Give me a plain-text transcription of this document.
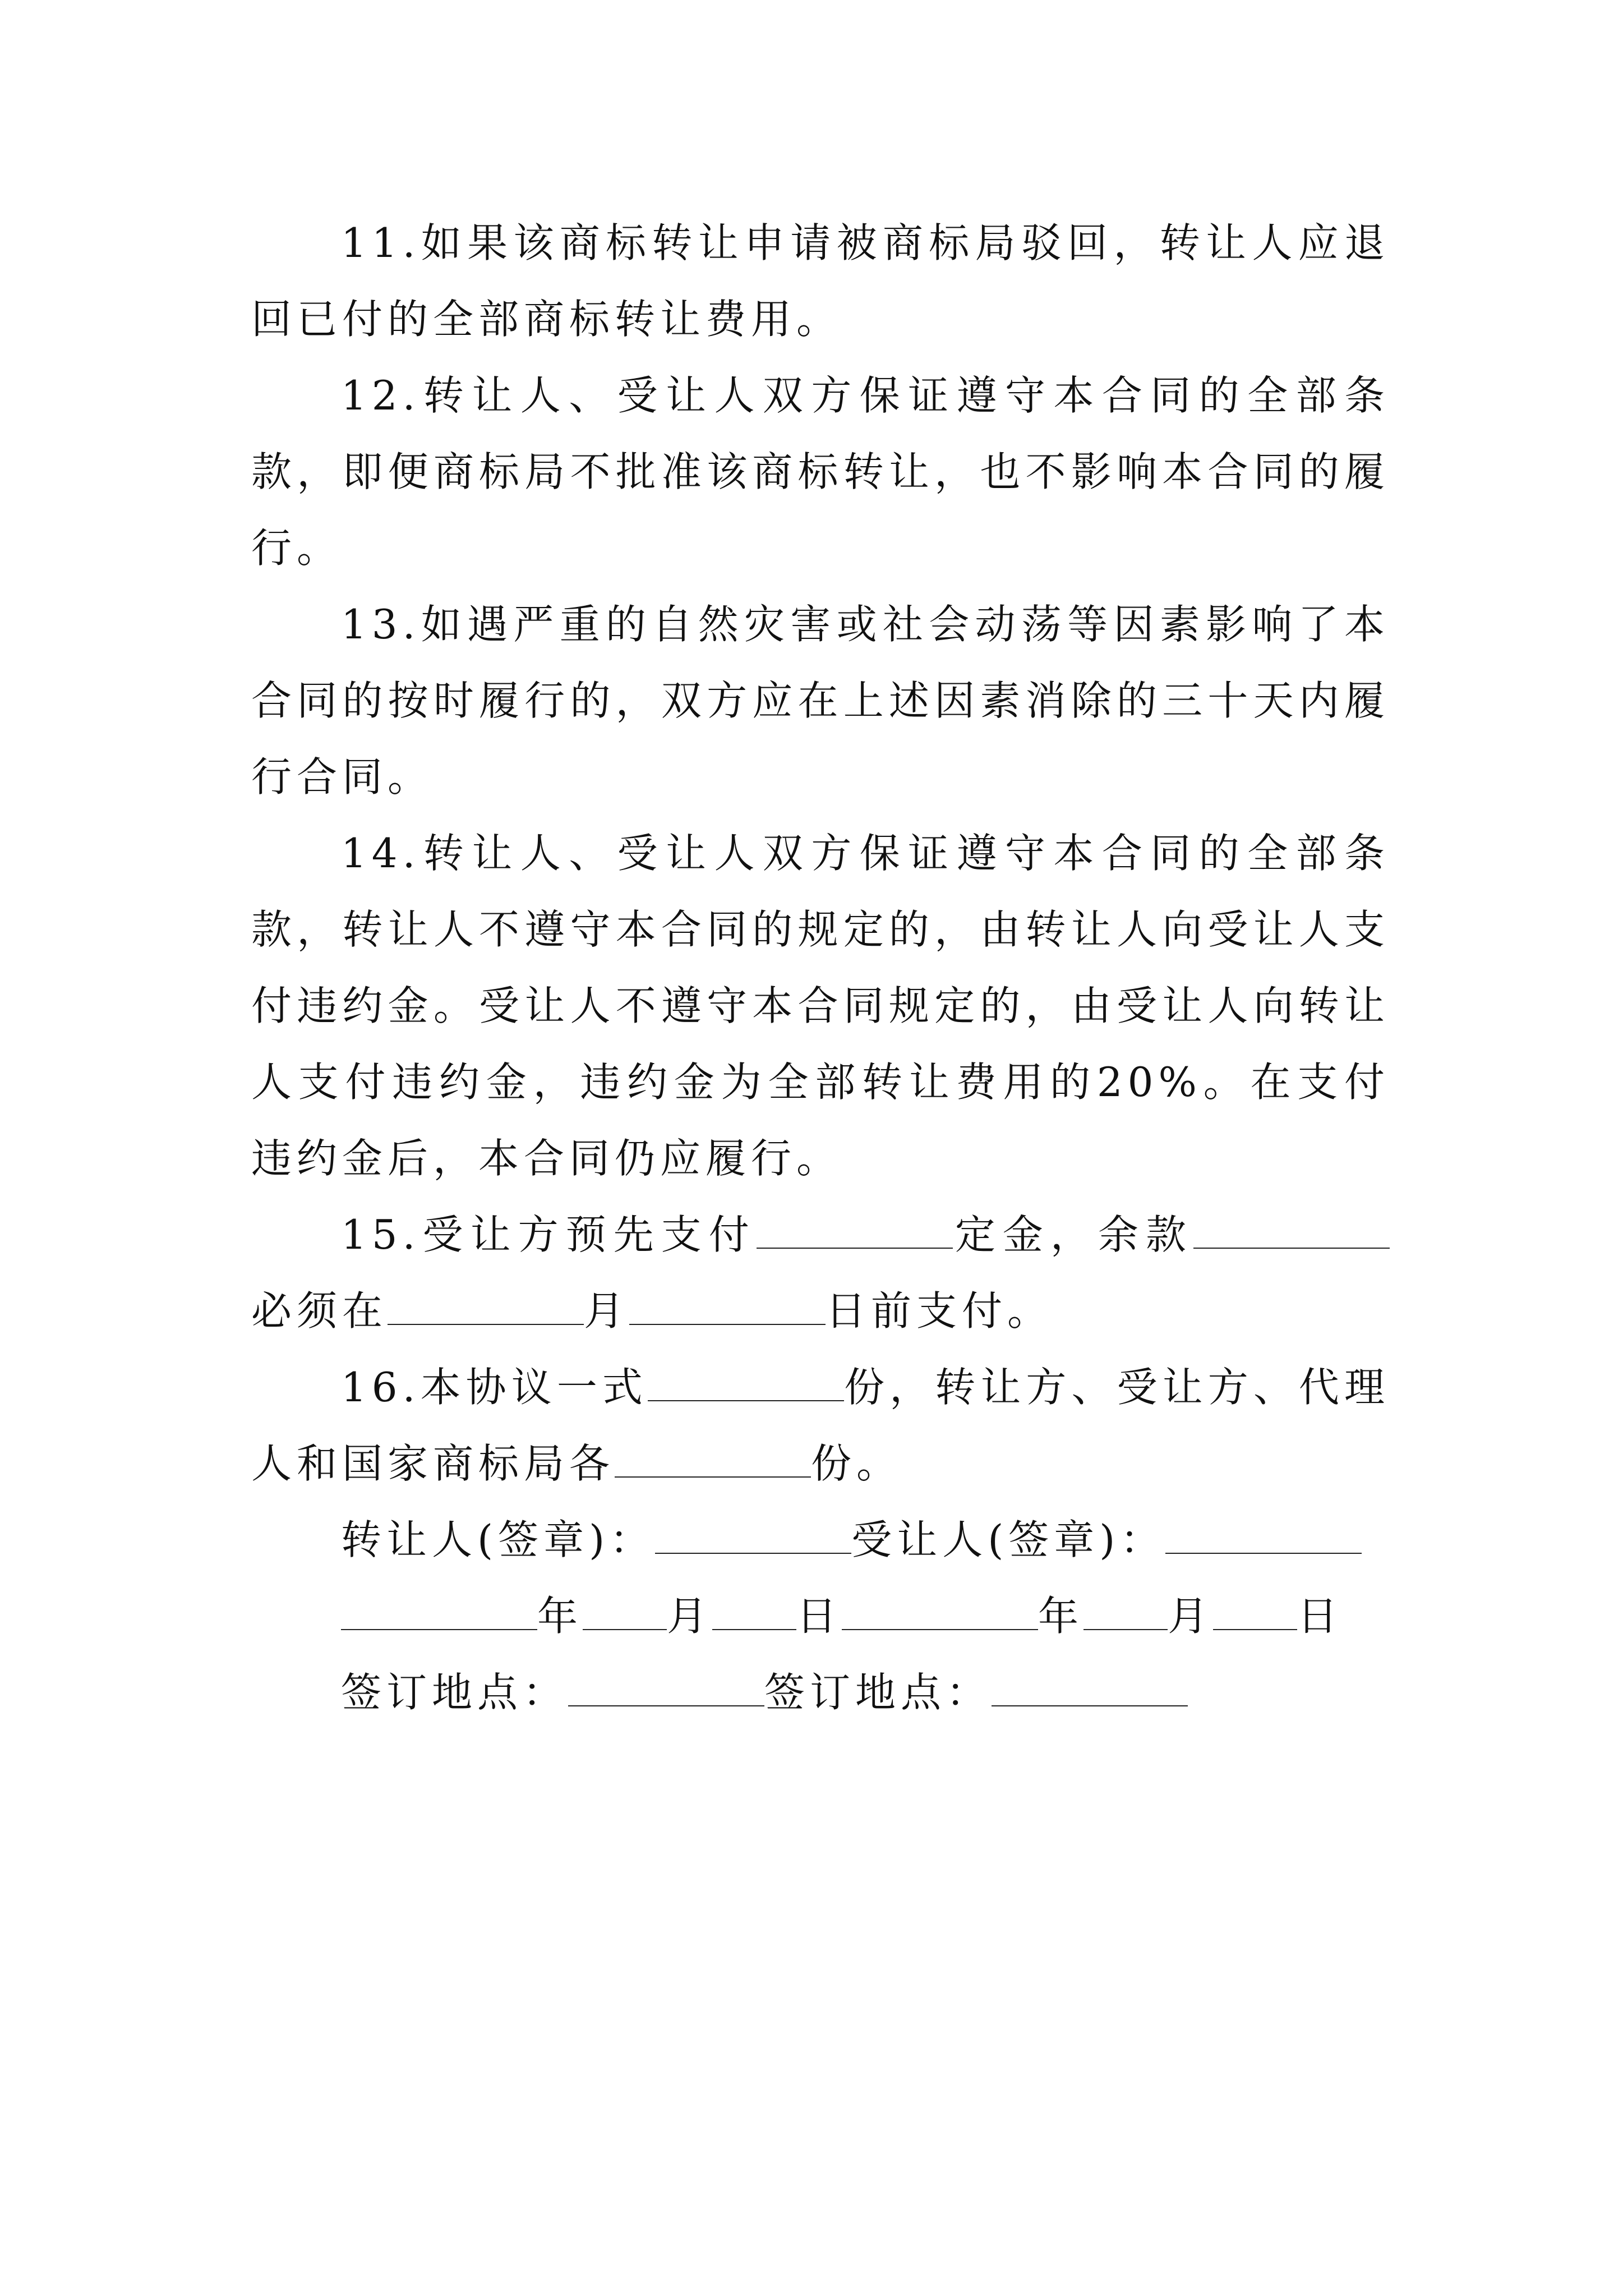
11.如果该商标转让申请被商标局驳回，转让人应退回已付的全部商标转让费用。

12.转让人、受让人双方保证遵守本合同的全部条款，即便商标局不批准该商标转让，也不影响本合同的履行。

13.如遇严重的自然灾害或社会动荡等因素影响了本合同的按时履行的，双方应在上述因素消除的三十天内履行合同。

14.转让人、受让人双方保证遵守本合同的全部条款，转让人不遵守本合同的规定的，由转让人向受让人支付违约金。受让人不遵守本合同规定的，由受让人向转让人支付违约金，违约金为全部转让费用的20%。在支付违约金后，本合同仍应履行。

15.受让方预先支付	定金，余款必须在	月	日前支付。

16.本协议一式	份，转让方、受让方、代理人和国家商标局各	份。

转让人(签章)：	受让人(签章)：

年 月 日	年 月 日

签订地点：	签订地点：
